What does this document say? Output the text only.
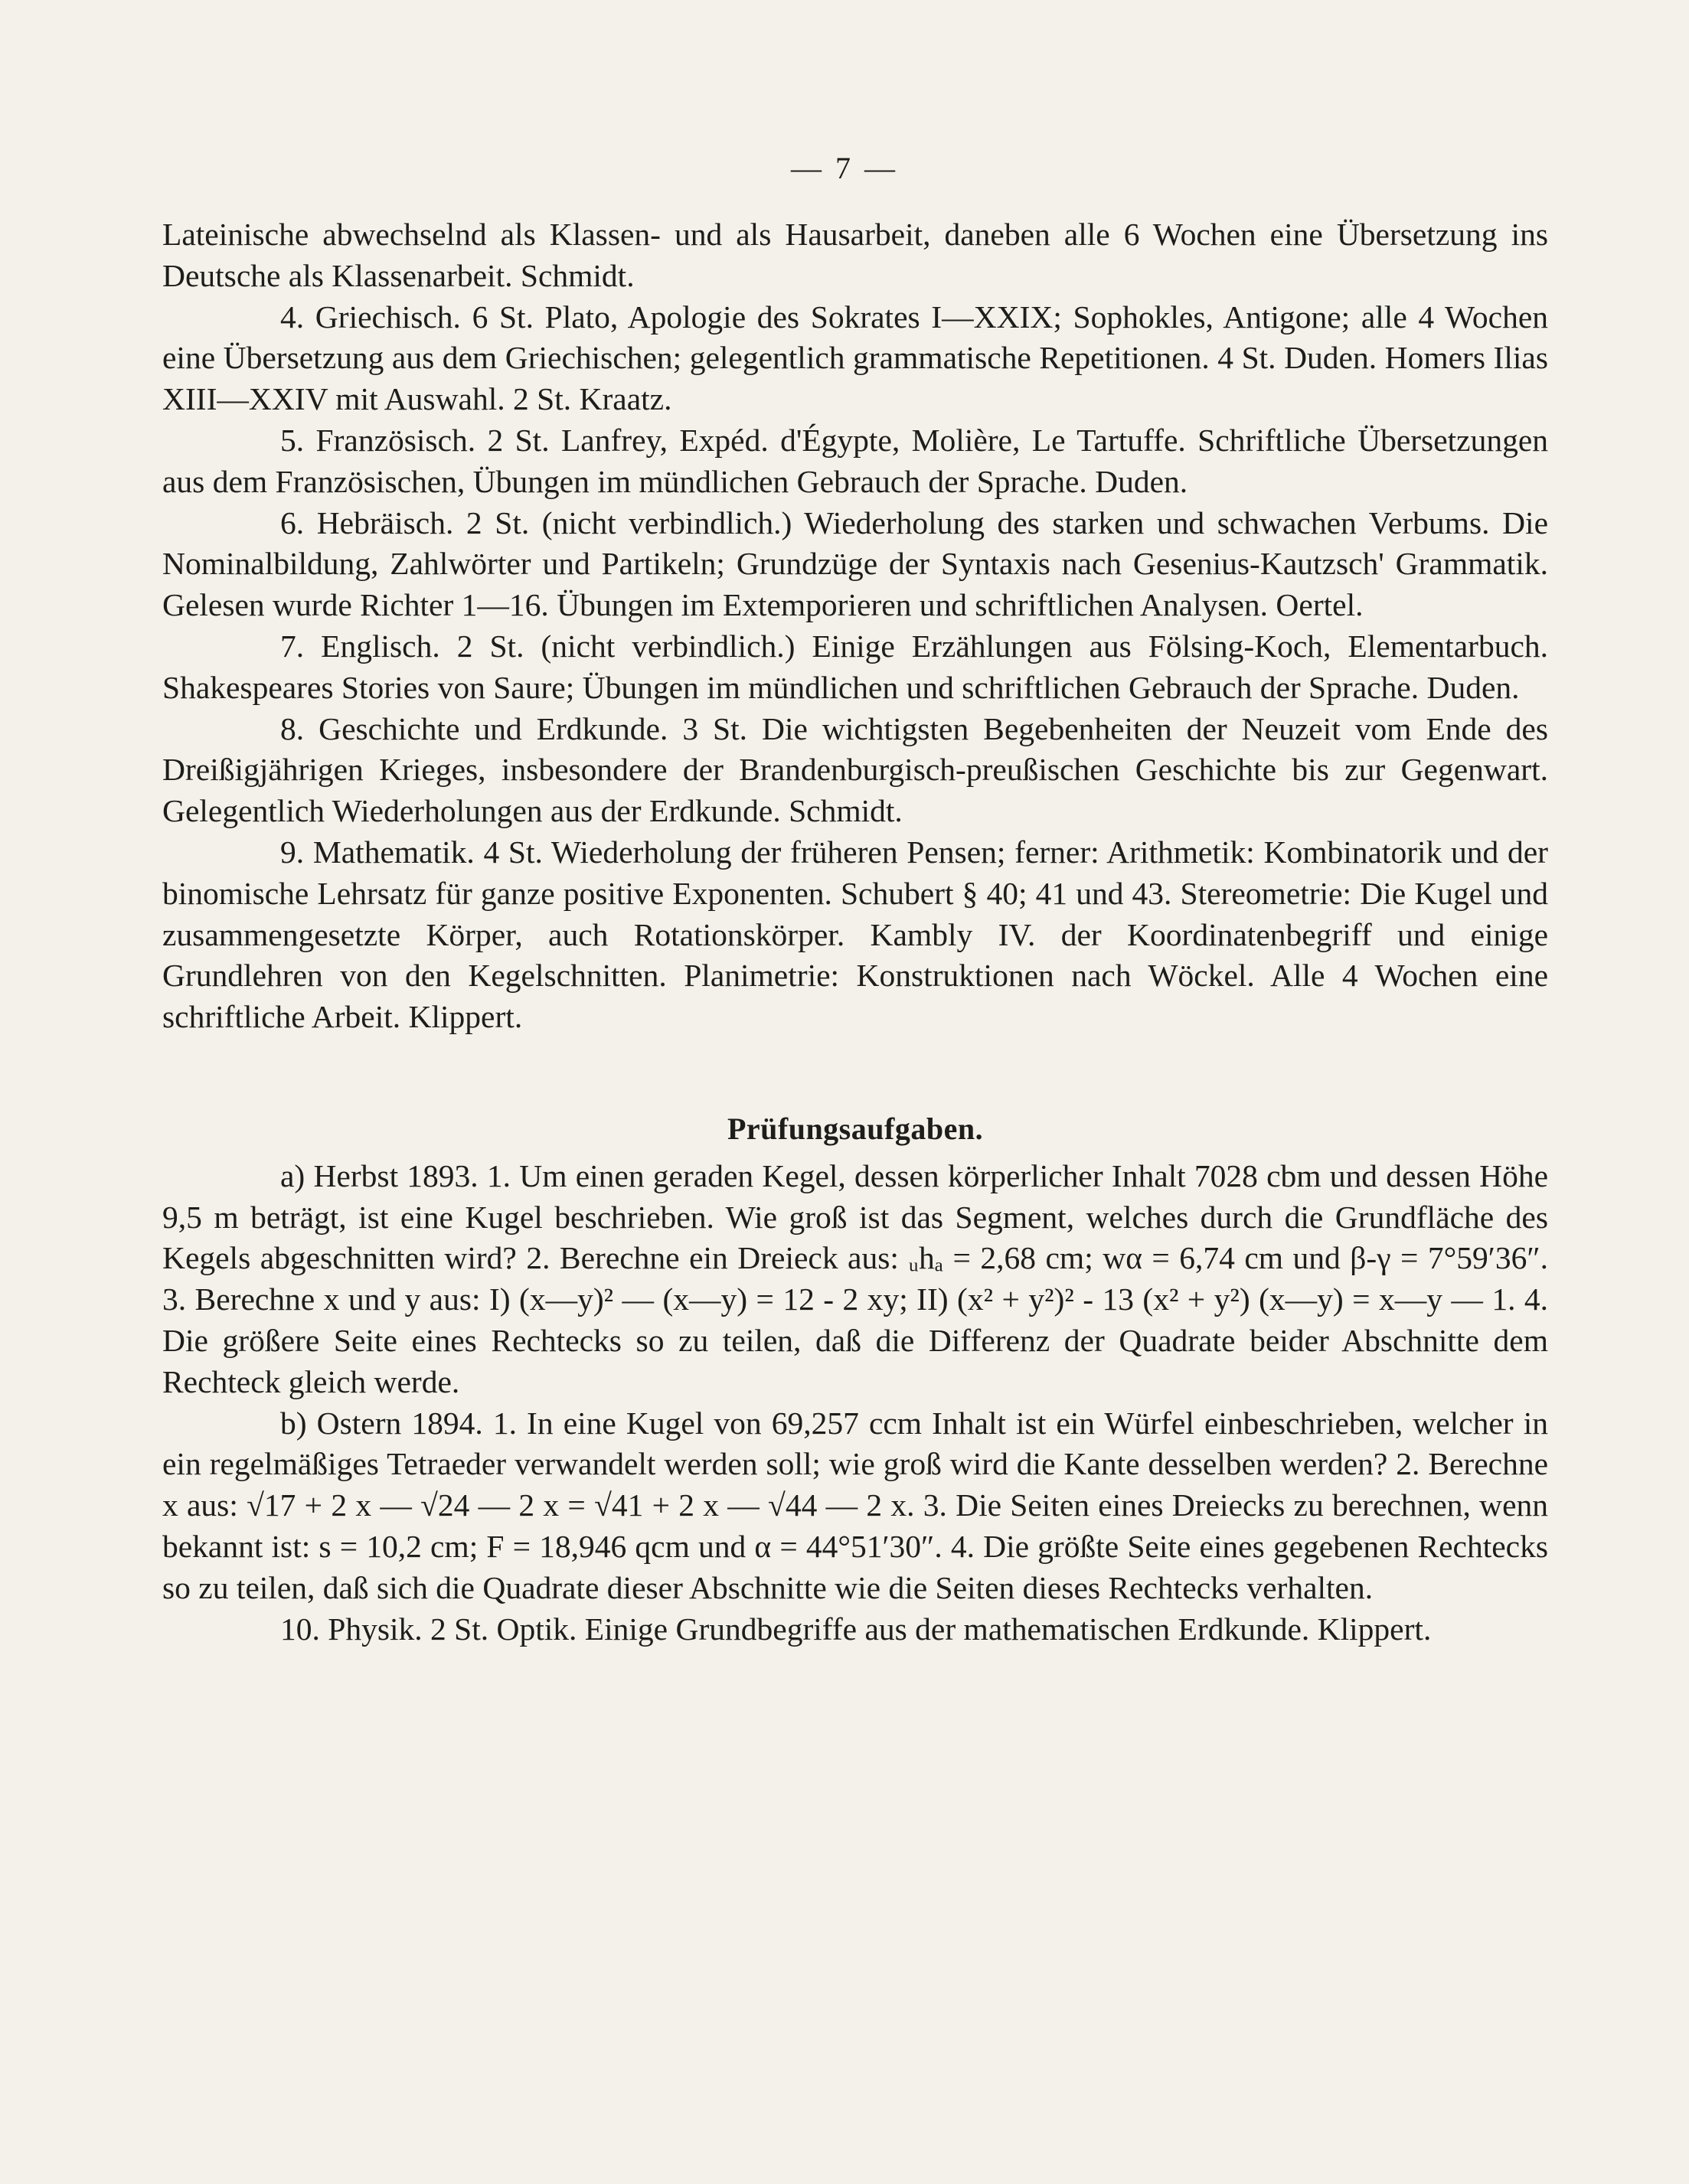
— 7 —

Lateinische abwechselnd als Klassen- und als Hausarbeit, daneben alle 6 Wochen eine Übersetzung ins Deutsche als Klassenarbeit. Schmidt.

4. Griechisch. 6 St. Plato, Apologie des Sokrates I—XXIX; Sophokles, Antigone; alle 4 Wochen eine Übersetzung aus dem Griechischen; gelegentlich grammatische Repetitionen. 4 St. Duden. Homers Ilias XIII—XXIV mit Auswahl. 2 St. Kraatz.

5. Französisch. 2 St. Lanfrey, Expéd. d'Égypte, Molière, Le Tartuffe. Schriftliche Übersetzungen aus dem Französischen, Übungen im mündlichen Gebrauch der Sprache. Duden.

6. Hebräisch. 2 St. (nicht verbindlich.) Wiederholung des starken und schwachen Verbums. Die Nominalbildung, Zahlwörter und Partikeln; Grundzüge der Syntaxis nach Gesenius-Kautzsch' Grammatik. Gelesen wurde Richter 1—16. Übungen im Extemporieren und schriftlichen Analysen. Oertel.

7. Englisch. 2 St. (nicht verbindlich.) Einige Erzählungen aus Fölsing-Koch, Elementarbuch. Shakespeares Stories von Saure; Übungen im mündlichen und schriftlichen Gebrauch der Sprache. Duden.

8. Geschichte und Erdkunde. 3 St. Die wichtigsten Begebenheiten der Neuzeit vom Ende des Dreißigjährigen Krieges, insbesondere der Brandenburgisch-preußischen Geschichte bis zur Gegenwart. Gelegentlich Wiederholungen aus der Erdkunde. Schmidt.

9. Mathematik. 4 St. Wiederholung der früheren Pensen; ferner: Arithmetik: Kombinatorik und der binomische Lehrsatz für ganze positive Exponenten. Schubert § 40; 41 und 43. Stereometrie: Die Kugel und zusammengesetzte Körper, auch Rotationskörper. Kambly IV. der Koordinatenbegriff und einige Grundlehren von den Kegelschnitten. Planimetrie: Konstruktionen nach Wöckel. Alle 4 Wochen eine schriftliche Arbeit. Klippert.

Prüfungsaufgaben.

a) Herbst 1893. 1. Um einen geraden Kegel, dessen körperlicher Inhalt 7028 cbm und dessen Höhe 9,5 m beträgt, ist eine Kugel beschrieben. Wie groß ist das Segment, welches durch die Grundfläche des Kegels abgeschnitten wird? 2. Berechne ein Dreieck aus: ᵤhₐ = 2,68 cm; wα = 6,74 cm und β-γ = 7°59′36″. 3. Berechne x und y aus: I) (x—y)² — (x—y) = 12 - 2 xy; II) (x² + y²)² - 13 (x² + y²) (x—y) = x—y — 1. 4. Die größere Seite eines Rechtecks so zu teilen, daß die Differenz der Quadrate beider Abschnitte dem Rechteck gleich werde.

b) Ostern 1894. 1. In eine Kugel von 69,257 ccm Inhalt ist ein Würfel einbeschrieben, welcher in ein regelmäßiges Tetraeder verwandelt werden soll; wie groß wird die Kante desselben werden? 2. Berechne x aus: √17 + 2 x — √24 — 2 x = √41 + 2 x — √44 — 2 x. 3. Die Seiten eines Dreiecks zu berechnen, wenn bekannt ist: s = 10,2 cm; F = 18,946 qcm und α = 44°51′30″. 4. Die größte Seite eines gegebenen Rechtecks so zu teilen, daß sich die Quadrate dieser Abschnitte wie die Seiten dieses Rechtecks verhalten.

10. Physik. 2 St. Optik. Einige Grundbegriffe aus der mathematischen Erdkunde. Klippert.
